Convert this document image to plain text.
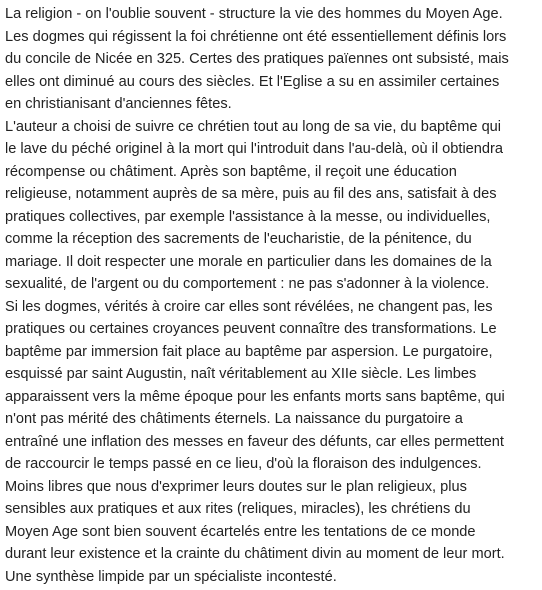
La religion - on l'oublie souvent - structure la vie des hommes du Moyen Age.
Les dogmes qui régissent la foi chrétienne ont été essentiellement définis lors
du concile de Nicée en 325. Certes des pratiques païennes ont subsisté, mais
elles ont diminué au cours des siècles. Et l'Eglise a su en assimiler certaines
en christianisant d'anciennes fêtes.
L'auteur a choisi de suivre ce chrétien tout au long de sa vie, du baptême qui
le lave du péché originel à la mort qui l'introduit dans l'au-delà, où il obtiendra
récompense ou châtiment. Après son baptême, il reçoit une éducation
religieuse, notamment auprès de sa mère, puis au fil des ans, satisfait à des
pratiques collectives, par exemple l'assistance à la messe, ou individuelles,
comme la réception des sacrements de l'eucharistie, de la pénitence, du
mariage. Il doit respecter une morale en particulier dans les domaines de la
sexualité, de l'argent ou du comportement : ne pas s'adonner à la violence.
Si les dogmes, vérités à croire car elles sont révélées, ne changent pas, les
pratiques ou certaines croyances peuvent connaître des transformations. Le
baptême par immersion fait place au baptême par aspersion. Le purgatoire,
esquissé par saint Augustin, naît véritablement au XIIe siècle. Les limbes
apparaissent vers la même époque pour les enfants morts sans baptême, qui
n'ont pas mérité des châtiments éternels. La naissance du purgatoire a
entraîné une inflation des messes en faveur des défunts, car elles permettent
de raccourcir le temps passé en ce lieu, d'où la floraison des indulgences.
Moins libres que nous d'exprimer leurs doutes sur le plan religieux, plus
sensibles aux pratiques et aux rites (reliques, miracles), les chrétiens du
Moyen Age sont bien souvent écartelés entre les tentations de ce monde
durant leur existence et la crainte du châtiment divin au moment de leur mort.
Une synthèse limpide par un spécialiste incontesté.
